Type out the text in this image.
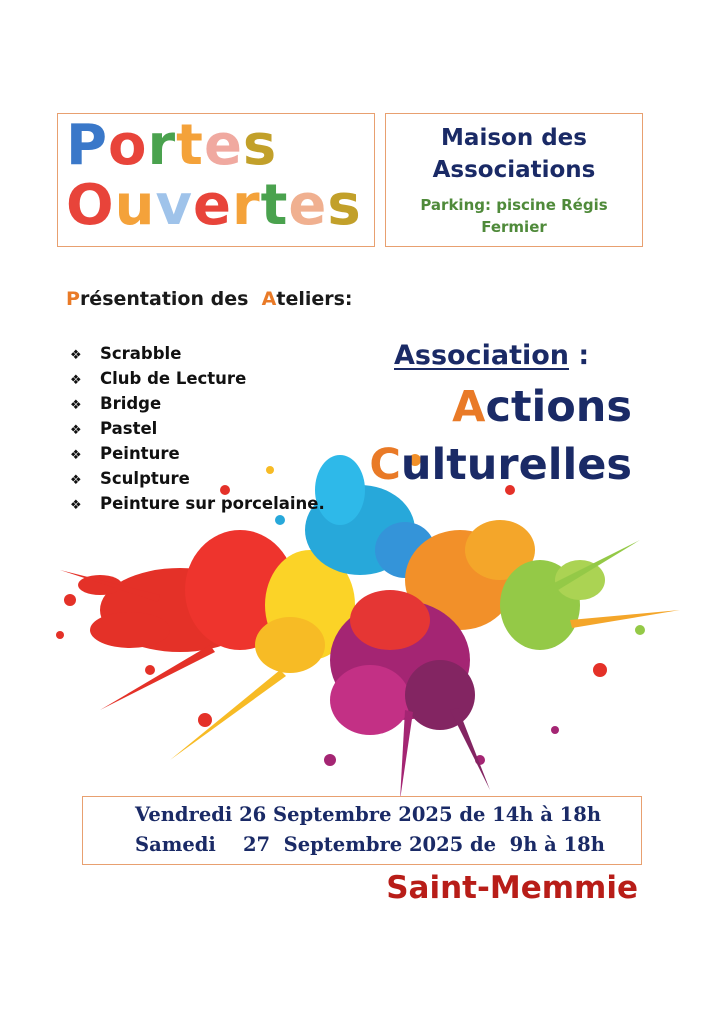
Portes
Ouvertes
Maison des
Associations
Parking: piscine Régis Fermier
Présentation des  Ateliers:
❖ Scrabble
❖ Club de Lecture
❖ Bridge
❖ Pastel
❖ Peinture
❖ Sculpture
❖ Peinture sur porcelaine.
Association :
Actions
Culturelles
Vendredi 26 Septembre 2025 de 14h à 18h
Samedi    27  Septembre 2025 de  9h à 18h
Saint-Memmie
